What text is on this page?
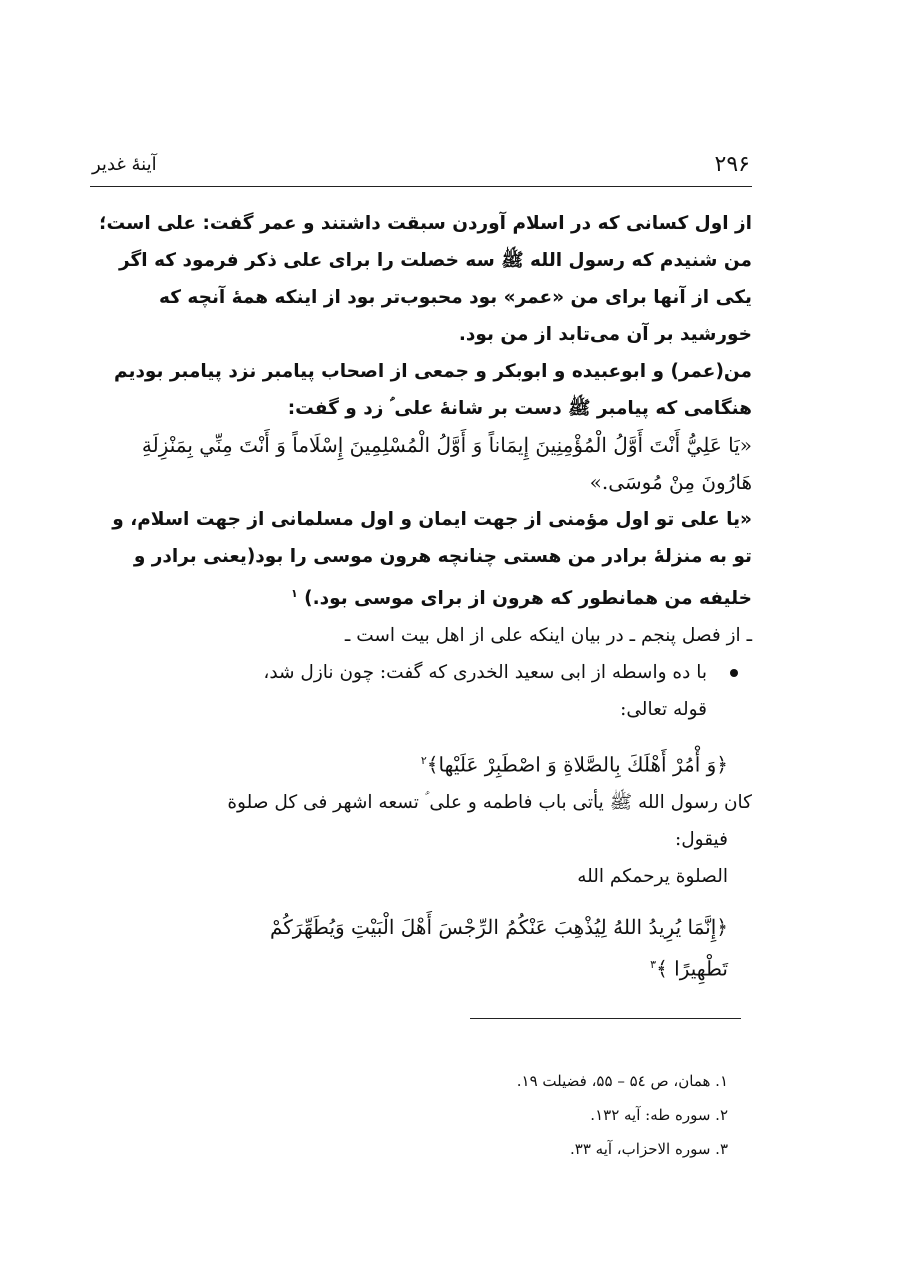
۲۹۶
آینهٔ غدیر

از اول کسانی که در اسلام آوردن سبقت داشتند و عمر گفت: علی است؛

من شنیدم که رسول الله ﷺ سه خصلت را برای علی ذکر فرمود که اگر

یکی از آنها برای من «عمر» بود محبوب‌تر بود از اینکه همهٔ آنچه که

خورشید بر آن می‌تابد از من بود.

من(عمر) و ابوعبیده و ابوبکر و جمعی از اصحاب پیامبر نزد پیامبر بودیم

هنگامی که پیامبر ﷺ دست بر شانهٔ علی ؑ زد و گفت:

«یَا عَلِيُّ أَنْتَ أَوَّلُ الْمُؤْمِنِینَ إِیمَاناً وَ أَوَّلُ الْمُسْلِمِینَ إِسْلَاماً وَ أَنْتَ مِنِّي بِمَنْزِلَةِ

هَارُونَ مِنْ مُوسَى.»

«یا علی تو اول مؤمنی از جهت ایمان و اول مسلمانی از جهت اسلام، و

تو به منزلهٔ برادر من هستی چنانچه هرون موسی را بود(یعنی برادر و

خلیفه من همانطور که هرون از برای موسی بود.) $^۱$

ـ از فصل پنجم ـ در بیان اینکه علی از اهل بیت است ـ

با ده واسطه از ابی سعید الخدری که گفت: چون نازل شد،

قوله تعالی:

﴿وَ أْمُرْ أَهْلَكَ بِالصَّلاةِ وَ اصْطَبِرْ عَلَیْها﴾$^۲$

کان رسول الله ﷺ یأتی باب فاطمه و علی ؑ تسعه اشهر فی کل صلوة

فیقول:

الصلوة یرحمکم الله

﴿إِنَّمَا یُرِیدُ اللهُ لِیُذْهِبَ عَنْكُمُ الرِّجْسَ أَهْلَ الْبَیْتِ وَیُطَهِّرَكُمْ

تَطْهِیرًا ﴾$^۳$

۱. همان، ص ۵٤ – ۵۵، فضیلت ۱۹.

۲. سوره طه: آیه ۱۳۲.

۳. سوره الاحزاب، آیه ۳۳.
